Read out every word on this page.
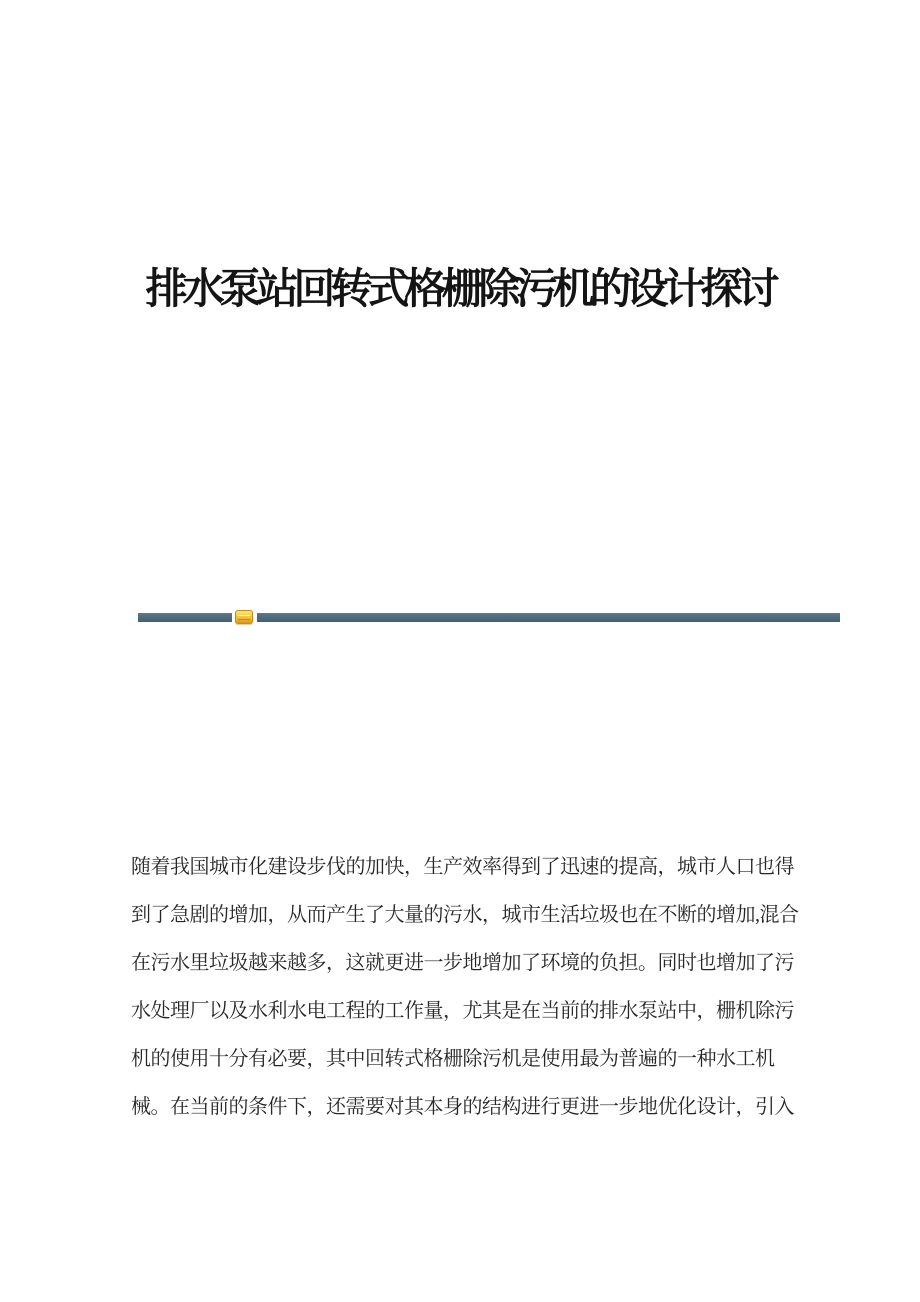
排水泵站回转式格栅除污机的设计探讨
随着我国城市化建设步伐的加快，生产效率得到了迅速的提高，城市人口也得
到了急剧的增加，从而产生了大量的污水，城市生活垃圾也在不断的增加,混合
在污水里垃圾越来越多，这就更进一步地增加了环境的负担。同时也增加了污
水处理厂以及水利水电工程的工作量，尤其是在当前的排水泵站中，栅机除污
机的使用十分有必要，其中回转式格栅除污机是使用最为普遍的一种水工机
械。在当前的条件下，还需要对其本身的结构进行更进一步地优化设计，引入
